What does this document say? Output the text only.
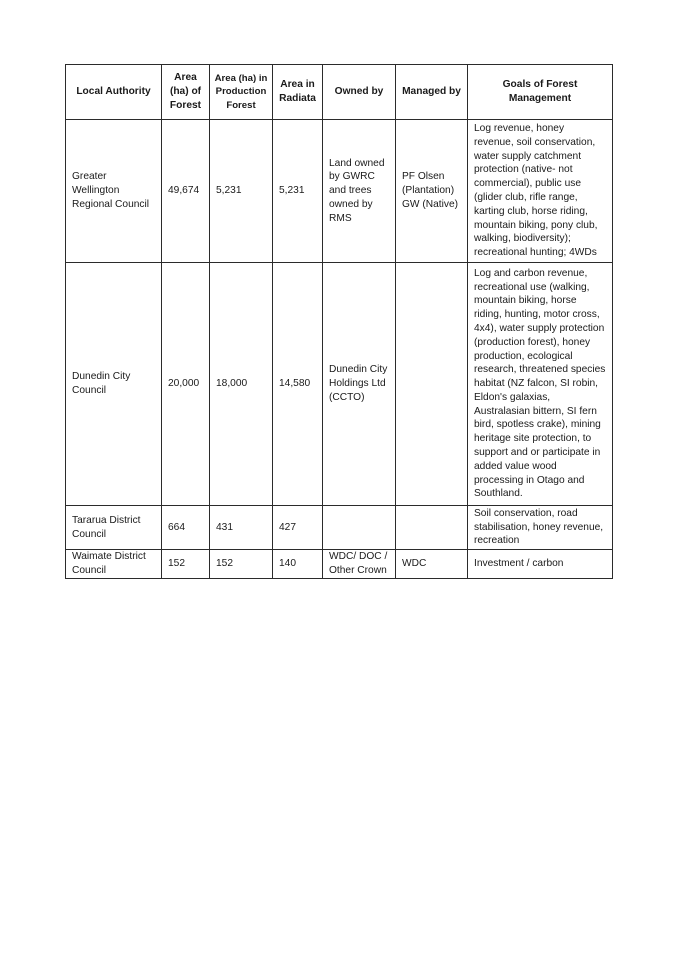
Local Authority	Area (ha) of Forest	Area (ha) in Production Forest	Area in Radiata	Owned by	Managed by	Goals of Forest Management
Greater Wellington Regional Council	49,674	5,231	5,231	Land owned by GWRC and trees owned by RMS	PF Olsen (Plantation) GW (Native)	Log revenue, honey revenue, soil conservation, water supply catchment protection (native- not commercial), public use (glider club, rifle range, karting club, horse riding, mountain biking, pony club, walking, biodiversity); recreational hunting; 4WDs
Dunedin City Council	20,000	18,000	14,580	Dunedin City Holdings Ltd (CCTO)		Log and carbon revenue, recreational use (walking, mountain biking, horse riding, hunting, motor cross, 4x4), water supply protection (production forest), honey production, ecological research, threatened species habitat (NZ falcon, SI robin, Eldon's galaxias, Australasian bittern, SI fern bird, spotless crake), mining heritage site protection, to support and or participate in added value wood processing in Otago and Southland.
Tararua District Council	664	431	427			Soil conservation, road stabilisation, honey revenue, recreation
Waimate District Council	152	152	140	WDC/ DOC / Other Crown	WDC	Investment / carbon
